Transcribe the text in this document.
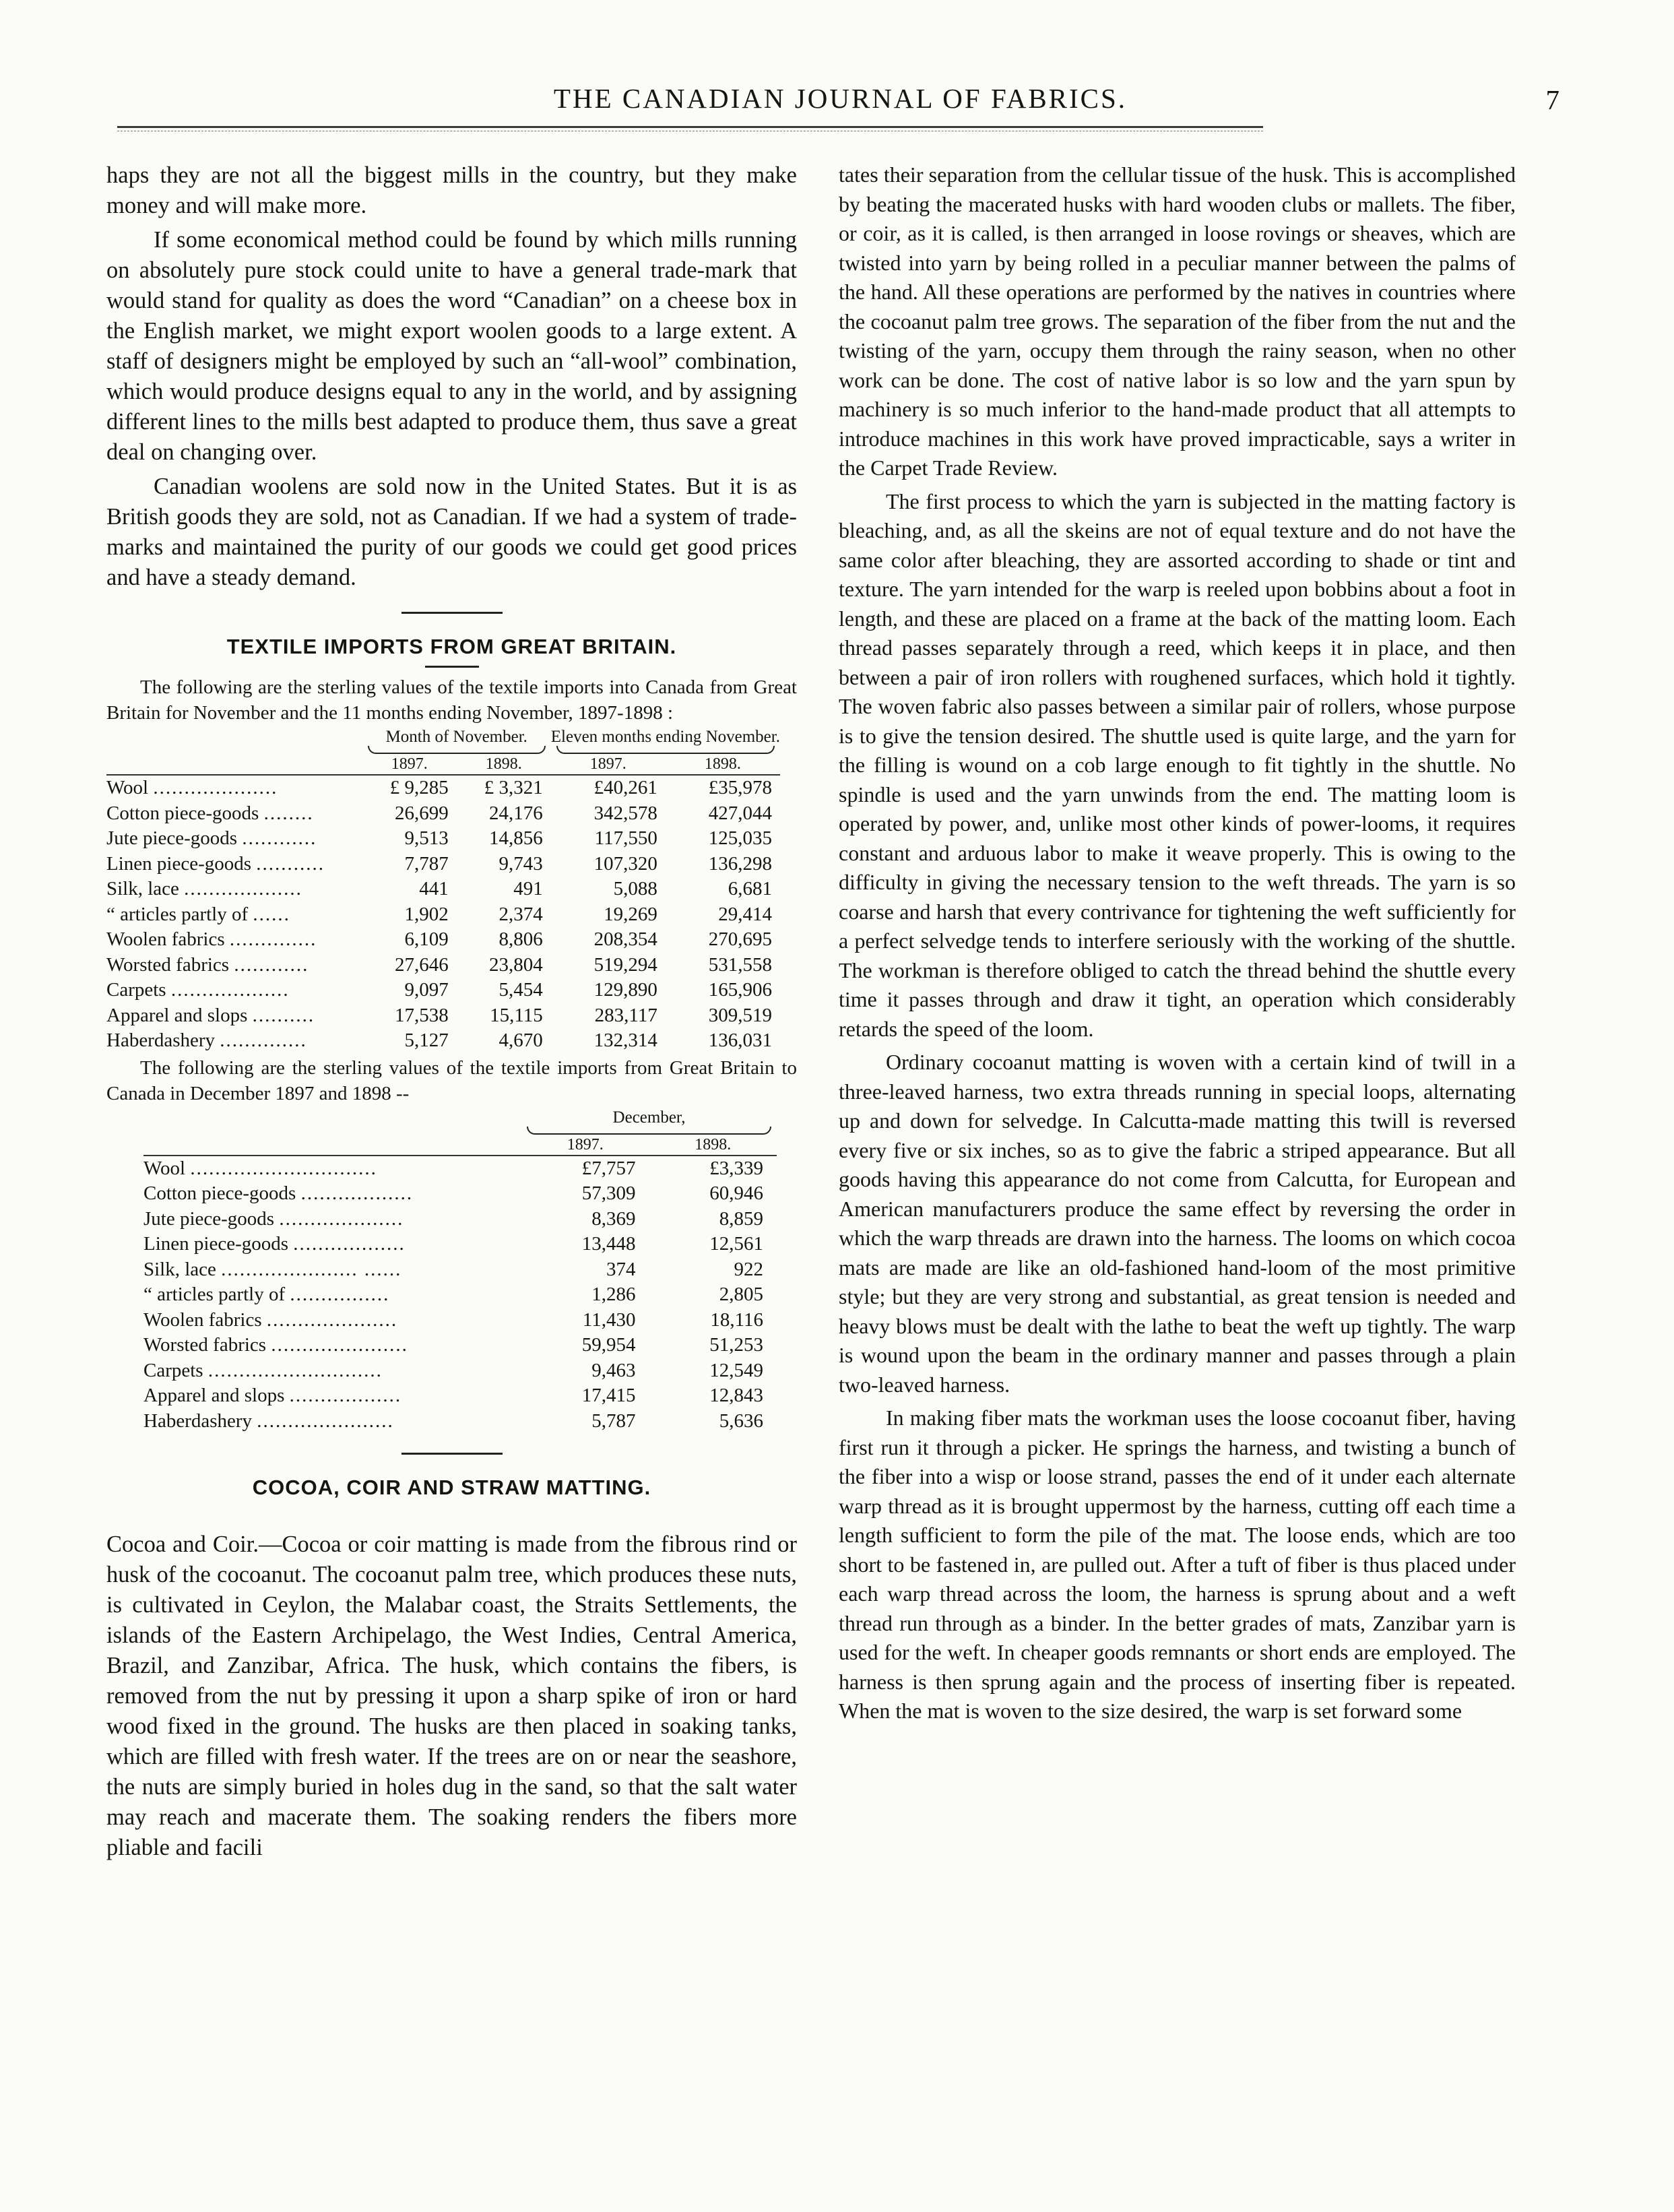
THE CANADIAN JOURNAL OF FABRICS.	7

haps they are not all the biggest mills in the country, but they make money and will make more.

If some economical method could be found by which mills running on absolutely pure stock could unite to have a general trade-mark that would stand for quality as does the word “Canadian” on a cheese box in the English market, we might export woolen goods to a large extent. A staff of designers might be employed by such an “all-wool” combination, which would produce designs equal to any in the world, and by assigning different lines to the mills best adapted to produce them, thus save a great deal on changing over.

Canadian woolens are sold now in the United States. But it is as British goods they are sold, not as Canadian. If we had a system of trade-marks and maintained the purity of our goods we could get good prices and have a steady demand.

TEXTILE IMPORTS FROM GREAT BRITAIN.

The following are the sterling values of the textile imports into Canada from Great Britain for November and the 11 months ending November, 1897-1898 :

	Month of November.		Eleven months ending November.	

	1897.	1898.	1897.	1898.
Wool ....................	£ 9,285	£ 3,321	£40,261	£35,978
Cotton piece-goods ........	26,699	24,176	342,578	427,044
Jute piece-goods ............	9,513	14,856	117,550	125,035
Linen piece-goods ...........	7,787	9,743	107,320	136,298
Silk, lace ...................	441	491	5,088	6,681
“ articles partly of ......	1,902	2,374	19,269	29,414
Woolen fabrics ..............	6,109	8,806	208,354	270,695
Worsted fabrics ............	27,646	23,804	519,294	531,558
Carpets ...................	9,097	5,454	129,890	165,906
Apparel and slops ..........	17,538	15,115	283,117	309,519
Haberdashery ..............	5,127	4,670	132,314	136,031

The following are the sterling values of the textile imports from Great Britain to Canada in December 1897 and 1898 --

	December,	

	1897.	1898.
Wool ..............................	£7,757	£3,339
Cotton piece-goods ..................	57,309	60,946
Jute piece-goods ....................	8,369	8,859
Linen piece-goods ..................	13,448	12,561
Silk, lace ...................... ......	374	922
“ articles partly of ................	1,286	2,805
Woolen fabrics .....................	11,430	18,116
Worsted fabrics ......................	59,954	51,253
Carpets ............................	9,463	12,549
Apparel and slops ..................	17,415	12,843
Haberdashery ......................	5,787	5,636
COCOA, COIR AND STRAW MATTING.

Cocoa and Coir.—Cocoa or coir matting is made from the fibrous rind or husk of the cocoanut. The cocoanut palm tree, which produces these nuts, is cultivated in Ceylon, the Malabar coast, the Straits Settlements, the islands of the Eastern Archipelago, the West Indies, Central America, Brazil, and Zanzibar, Africa. The husk, which contains the fibers, is removed from the nut by pressing it upon a sharp spike of iron or hard wood fixed in the ground. The husks are then placed in soaking tanks, which are filled with fresh water. If the trees are on or near the seashore, the nuts are simply buried in holes dug in the sand, so that the salt water may reach and macerate them. The soaking renders the fibers more pliable and facili

tates their separation from the cellular tissue of the husk. This is accomplished by beating the macerated husks with hard wooden clubs or mallets. The fiber, or coir, as it is called, is then arranged in loose rovings or sheaves, which are twisted into yarn by being rolled in a peculiar manner between the palms of the hand. All these operations are performed by the natives in countries where the cocoanut palm tree grows. The separation of the fiber from the nut and the twisting of the yarn, occupy them through the rainy season, when no other work can be done. The cost of native labor is so low and the yarn spun by machinery is so much inferior to the hand-made product that all attempts to introduce machines in this work have proved impracticable, says a writer in the Carpet Trade Review.

The first process to which the yarn is subjected in the matting factory is bleaching, and, as all the skeins are not of equal texture and do not have the same color after bleaching, they are assorted according to shade or tint and texture. The yarn intended for the warp is reeled upon bobbins about a foot in length, and these are placed on a frame at the back of the matting loom. Each thread passes separately through a reed, which keeps it in place, and then between a pair of iron rollers with roughened surfaces, which hold it tightly. The woven fabric also passes between a similar pair of rollers, whose purpose is to give the tension desired. The shuttle used is quite large, and the yarn for the filling is wound on a cob large enough to fit tightly in the shuttle. No spindle is used and the yarn unwinds from the end. The matting loom is operated by power, and, unlike most other kinds of power-looms, it requires constant and arduous labor to make it weave properly. This is owing to the difficulty in giving the necessary tension to the weft threads. The yarn is so coarse and harsh that every contrivance for tightening the weft sufficiently for a perfect selvedge tends to interfere seriously with the working of the shuttle. The workman is therefore obliged to catch the thread behind the shuttle every time it passes through and draw it tight, an operation which considerably retards the speed of the loom.

Ordinary cocoanut matting is woven with a certain kind of twill in a three-leaved harness, two extra threads running in special loops, alternating up and down for selvedge. In Calcutta-made matting this twill is reversed every five or six inches, so as to give the fabric a striped appearance. But all goods having this appearance do not come from Calcutta, for European and American manufacturers produce the same effect by reversing the order in which the warp threads are drawn into the harness. The looms on which cocoa mats are made are like an old-fashioned hand-loom of the most primitive style; but they are very strong and substantial, as great tension is needed and heavy blows must be dealt with the lathe to beat the weft up tightly. The warp is wound upon the beam in the ordinary manner and passes through a plain two-leaved harness.

In making fiber mats the workman uses the loose cocoanut fiber, having first run it through a picker. He springs the harness, and twisting a bunch of the fiber into a wisp or loose strand, passes the end of it under each alternate warp thread as it is brought uppermost by the harness, cutting off each time a length sufficient to form the pile of the mat. The loose ends, which are too short to be fastened in, are pulled out. After a tuft of fiber is thus placed under each warp thread across the loom, the harness is sprung about and a weft thread run through as a binder. In the better grades of mats, Zanzibar yarn is used for the weft. In cheaper goods remnants or short ends are employed. The harness is then sprung again and the process of inserting fiber is repeated. When the mat is woven to the size desired, the warp is set forward some
